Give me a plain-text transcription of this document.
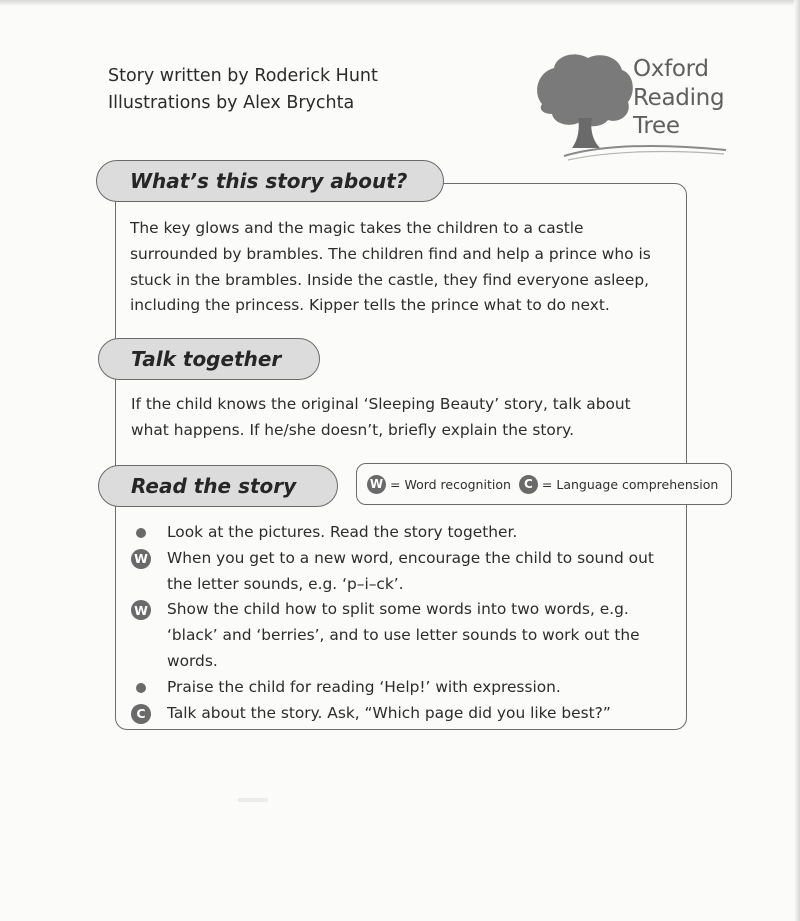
Story written by Roderick Hunt
Illustrations by Alex Brychta
Oxford
Reading
Tree
What’s this story about?
The key glows and the magic takes the children to a castle
surrounded by brambles. The children find and help a prince who is
stuck in the brambles. Inside the castle, they find everyone asleep,
including the princess. Kipper tells the prince what to do next.
Talk together
If the child knows the original ‘Sleeping Beauty’ story, talk about
what happens. If he/she doesn’t, briefly explain the story.
Read the story	W = Word recognition	C = Language comprehension
Look at the pictures. Read the story together.
W When you get to a new word, encourage the child to sound out
the letter sounds, e.g. ‘p–i–ck’.
W Show the child how to split some words into two words, e.g.
‘black’ and ‘berries’, and to use letter sounds to work out the
words.
Praise the child for reading ‘Help!’ with expression.
C	Talk about the story. Ask, “Which page did you like best?”
